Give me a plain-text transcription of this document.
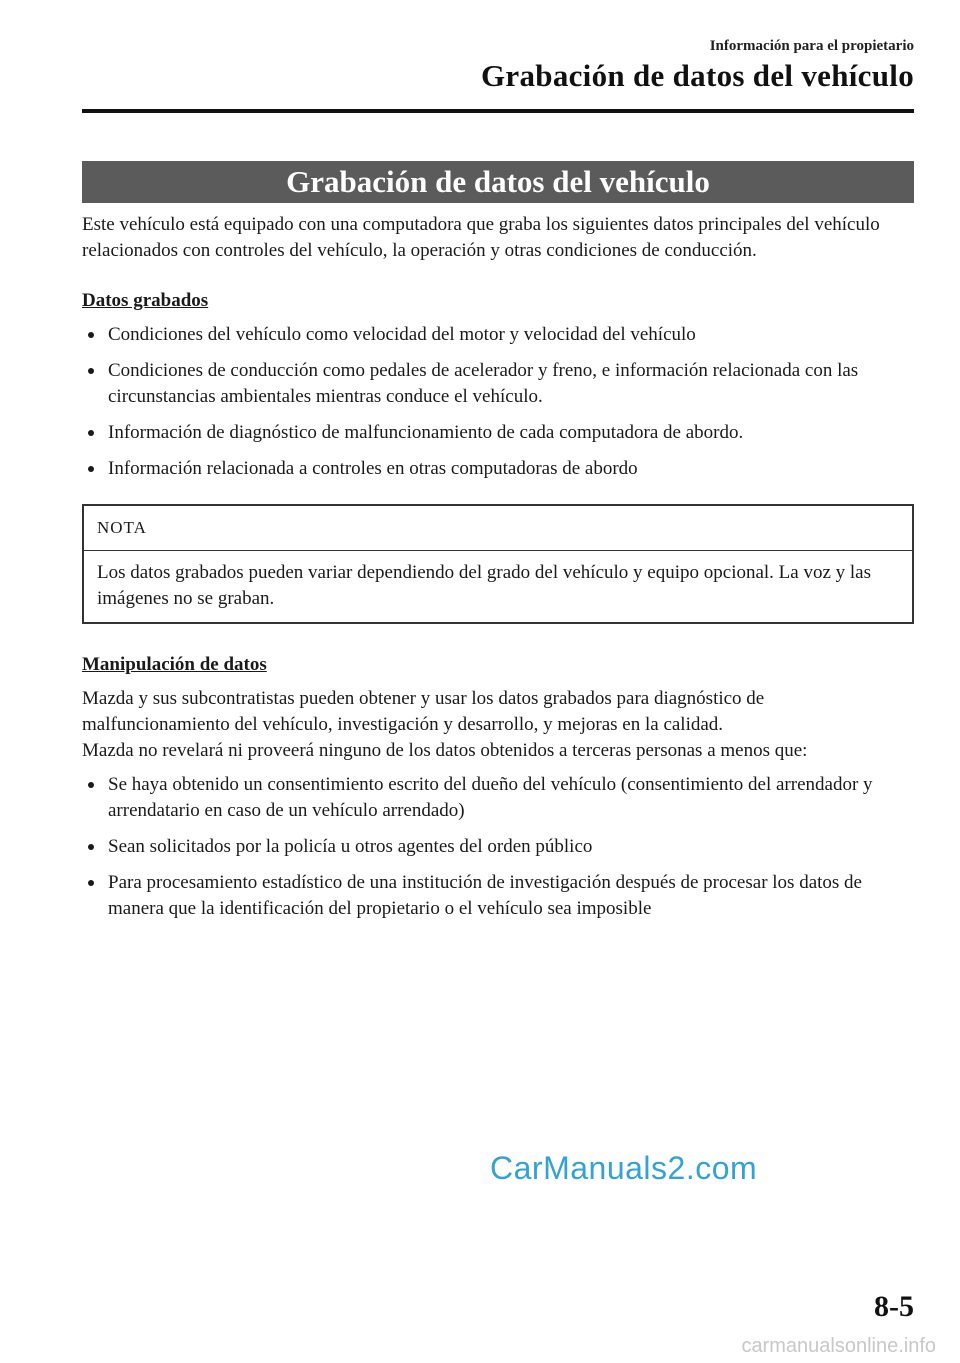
Información para el propietario
Grabación de datos del vehículo
Grabación de datos del vehículo

Este vehículo está equipado con una computadora que graba los siguientes datos principales del vehículo relacionados con controles del vehículo, la operación y otras condiciones de conducción.

Datos grabados

Condiciones del vehículo como velocidad del motor y velocidad del vehículo
Condiciones de conducción como pedales de acelerador y freno, e información relacionada con las circunstancias ambientales mientras conduce el vehículo.
Información de diagnóstico de malfuncionamiento de cada computadora de abordo.
Información relacionada a controles en otras computadoras de abordo
NOTA
Los datos grabados pueden variar dependiendo del grado del vehículo y equipo opcional. La voz y las imágenes no se graban.

Manipulación de datos

Mazda y sus subcontratistas pueden obtener y usar los datos grabados para diagnóstico de malfuncionamiento del vehículo, investigación y desarrollo, y mejoras en la calidad.

Mazda no revelará ni proveerá ninguno de los datos obtenidos a terceras personas a menos que:

Se haya obtenido un consentimiento escrito del dueño del vehículo (consentimiento del arrendador y arrendatario en caso de un vehículo arrendado)
Sean solicitados por la policía u otros agentes del orden público
Para procesamiento estadístico de una institución de investigación después de procesar los datos de manera que la identificación del propietario o el vehículo sea imposible
CarManuals2.com
8-5
carmanualsonline.info
